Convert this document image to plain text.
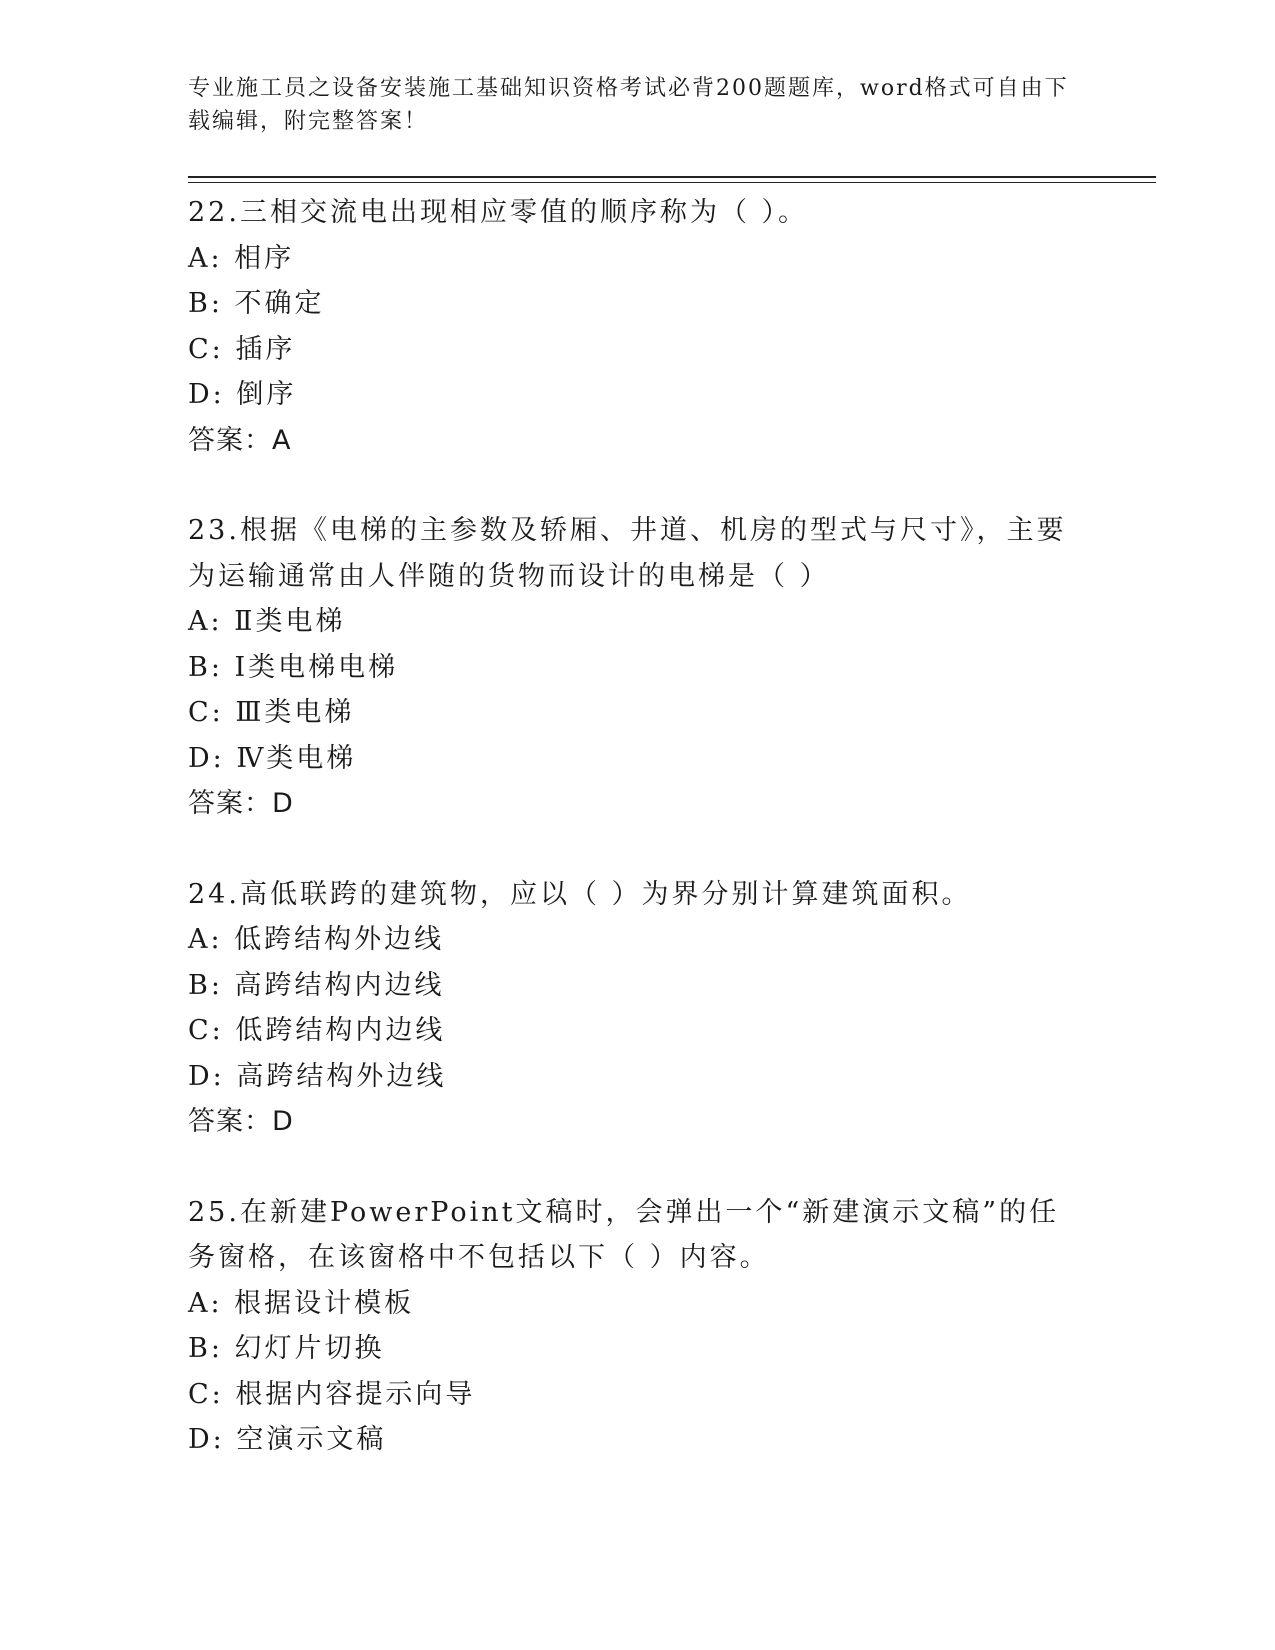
专业施工员之设备安装施工基础知识资格考试必背200题题库，word格式可自由下载编辑，附完整答案！
22.三相交流电出现相应零值的顺序称为（ ）。
A: 相序
B: 不确定
C: 插序
D: 倒序
答案：A
23.根据《电梯的主参数及轿厢、井道、机房的型式与尺寸》，主要为运输通常由人伴随的货物而设计的电梯是（ ）
A: Ⅱ类电梯
B: Ⅰ类电梯电梯
C: Ⅲ类电梯
D: Ⅳ类电梯
答案：D
24.高低联跨的建筑物，应以（ ）为界分别计算建筑面积。
A: 低跨结构外边线
B: 高跨结构内边线
C: 低跨结构内边线
D: 高跨结构外边线
答案：D
25.在新建PowerPoint文稿时，会弹出一个“新建演示文稿”的任务窗格，在该窗格中不包括以下（ ）内容。
A: 根据设计模板
B: 幻灯片切换
C: 根据内容提示向导
D: 空演示文稿
